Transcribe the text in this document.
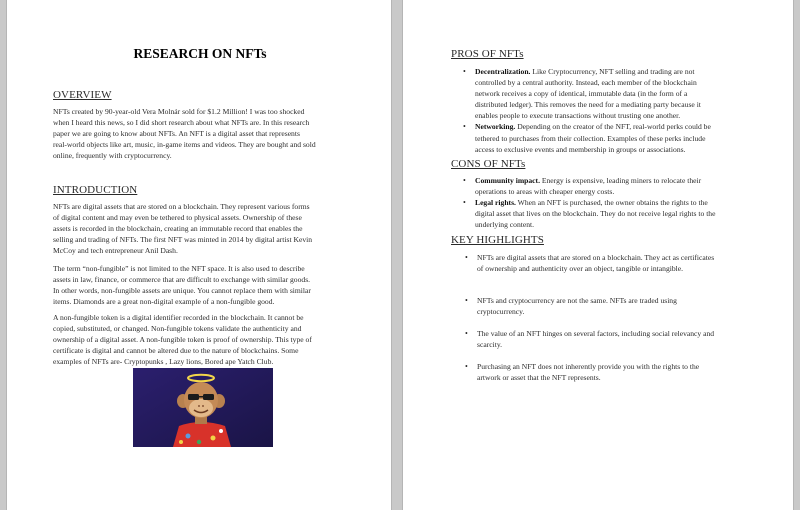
RESEARCH ON NFTs
OVERVIEW
NFTs created by 90-year-old Vera Molnár sold for $1.2 Million! I was too shocked
when I heard this news, so I did short research about what NFTs are. In this research
paper we are going to know about NFTs. An NFT is a digital asset that represents
real-world objects like art, music, in-game items and videos. They are bought and sold
online, frequently with cryptocurrency.
INTRODUCTION
NFTs are digital assets that are stored on a blockchain. They represent various forms
of digital content and may even be tethered to physical assets. Ownership of these
assets is recorded in the blockchain, creating an immutable record that enables the
selling and trading of NFTs. The first NFT was minted in 2014 by digital artist Kevin
McCoy and tech entrepreneur Anil Dash.
The term “non-fungible” is not limited to the NFT space. It is also used to describe
assets in law, finance, or commerce that are difficult to exchange with similar goods.
In other words, non-fungible assets are unique. You cannot replace them with similar
items. Diamonds are a great non-digital example of a non-fungible good.
A non-fungible token is a digital identifier recorded in the blockchain. It cannot be
copied, substituted, or changed. Non-fungible tokens validate the authenticity and
ownership of a digital asset. A non-fungible token is proof of ownership. This type of
certificate is digital and cannot be altered due to the nature of blockchains. Some
examples of NFTs are- Cryptopunks , Lazy lions, Bored ape Yatch Club.
PROS OF NFTs
• Decentralization. Like Cryptocurrency, NFT selling and trading are not
controlled by a central authority. Instead, each member of the blockchain
network receives a copy of identical, immutable data (in the form of a
distributed ledger). This removes the need for a mediating party because it
enables people to execute transactions without trusting one another.
• Networking. Depending on the creator of the NFT, real-world perks could be
tethered to purchases from their collection. Examples of these perks include
access to exclusive events and membership in groups or associations.
CONS OF NFTs
• Community impact. Energy is expensive, leading miners to relocate their
operations to areas with cheaper energy costs.
• Legal rights. When an NFT is purchased, the owner obtains the rights to the
digital asset that lives on the blockchain. They do not receive legal rights to the
underlying content.
KEY HIGHLIGHTS
• NFTs are digital assets that are stored on a blockchain. They act as certificates
of ownership and authenticity over an object, tangible or intangible.
• NFTs and cryptocurrency are not the same. NFTs are traded using
cryptocurrency.
• The value of an NFT hinges on several factors, including social relevancy and
scarcity.
• Purchasing an NFT does not inherently provide you with the rights to the
artwork or asset that the NFT represents.
